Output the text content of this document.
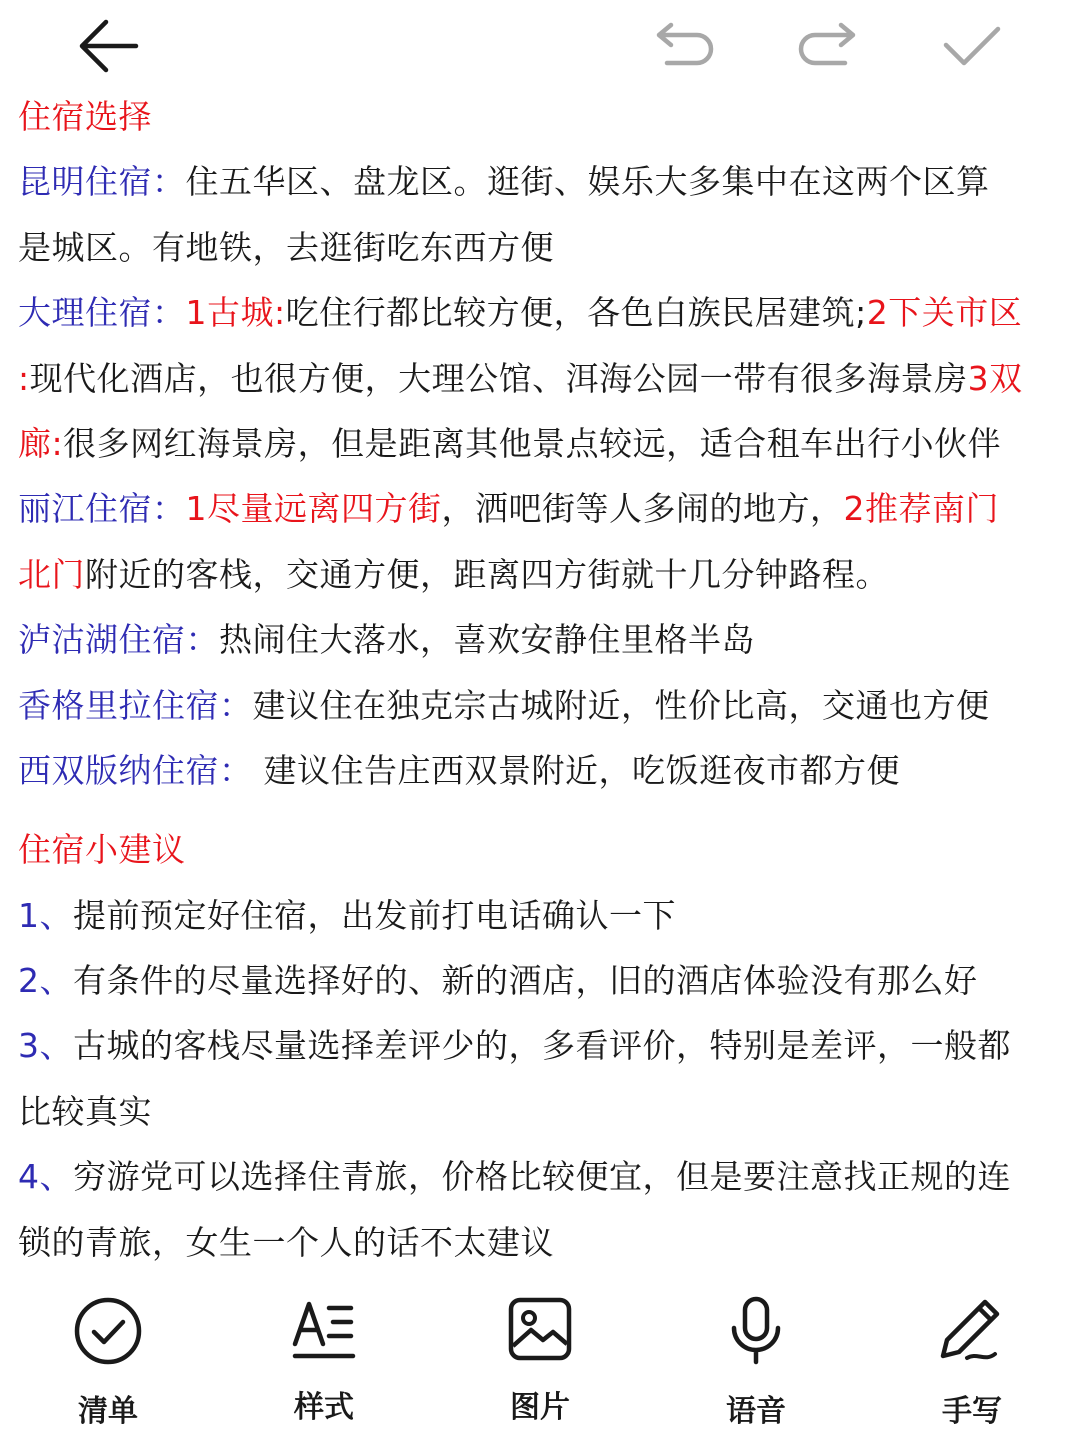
住宿选择
昆明住宿：住五华区、盘龙区。逛街、娱乐大多集中在这两个区算
是城区。有地铁，去逛街吃东西方便
大理住宿：1古城:吃住行都比较方便，各色白族民居建筑;2下关市区
:现代化酒店，也很方便，大理公馆、洱海公园一带有很多海景房3双
廊:很多网红海景房，但是距离其他景点较远，适合租车出行小伙伴
丽江住宿：1尽量远离四方街，洒吧街等人多闹的地方，2推荐南门
北门附近的客栈，交通方便，距离四方街就十几分钟路程。
泸沽湖住宿：热闹住大落水，喜欢安静住里格半岛
香格里拉住宿：建议住在独克宗古城附近，性价比高，交通也方便
西双版纳住宿： 建议住告庄西双景附近，吃饭逛夜市都方便
住宿小建议
1、提前预定好住宿，出发前打电话确认一下
2、有条件的尽量选择好的、新的酒店，旧的酒店体验没有那么好
3、古城的客栈尽量选择差评少的，多看评价，特别是差评，一般都
比较真实
4、穷游党可以选择住青旅，价格比较便宜，但是要注意找正规的连
锁的青旅，女生一个人的话不太建议
清单	样式	图片	语音	手写
